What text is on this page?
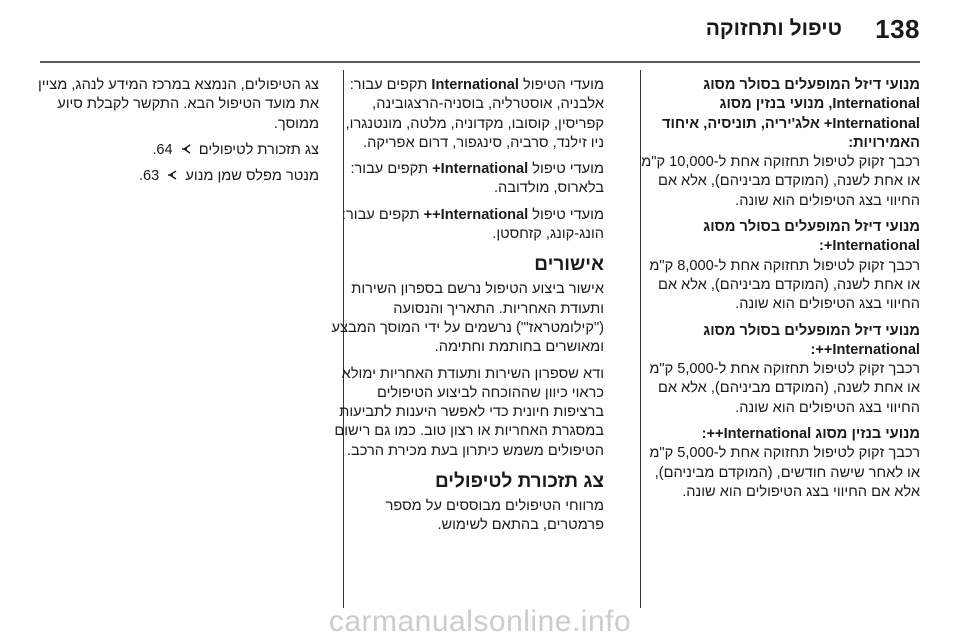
138
טיפול ותחזוקה
מנועי דיזל המופעלים בסולר מסוג International, מנועי בנזין מסוג International+ אלג'יריה, תוניסיה, איחוד האמירויות:
רכבך זקוק לטיפול תחזוקה אחת ל-10,000 ק"מ או אחת לשנה, (המוקדם מביניהם), אלא אם החיווי בצג הטיפולים הוא שונה.
מנועי דיזל המופעלים בסולר מסוג International+:
רכבך זקוק לטיפול תחזוקה אחת ל-8,000 ק"מ או אחת לשנה, (המוקדם מביניהם), אלא אם החיווי בצג הטיפולים הוא שונה.
מנועי דיזל המופעלים בסולר מסוג International++:
רכבך זקוק לטיפול תחזוקה אחת ל-5,000 ק"מ או אחת לשנה, (המוקדם מביניהם), אלא אם החיווי בצג הטיפולים הוא שונה.
מנועי בנזין מסוג International++:
רכבך זקוק לטיפול תחזוקה אחת ל-5,000 ק"מ או לאחר שישה חודשים, (המוקדם מביניהם), אלא אם החיווי בצג הטיפולים הוא שונה.
מועדי הטיפול International תקפים עבור: אלבניה, אוסטרליה, בוסניה-הרצגובינה, קפריסין, קוסובו, מקדוניה, מלטה, מונטנגרו, ניו זילנד, סרביה, סינגפור, דרום אפריקה.
מועדי טיפול International+ תקפים עבור: בלארוס, מולדובה.
מועדי טיפול International++ תקפים עבור: הונג-קונג, קזחסטן.
אישורים
אישור ביצוע הטיפול נרשם בספרון השירות ותעודת האחריות. התאריך והנסועה ("קילומטראז'") נרשמים על ידי המוסך המבצע ומאושרים בחותמת וחתימה.
ודא שספרון השירות ותעודת האחריות ימולא כראוי כיוון שההוכחה לביצוע הטיפולים ברציפות חיונית כדי לאפשר היענות לתביעות במסגרת האחריות או רצון טוב. כמו גם רישום הטיפולים משמש כיתרון בעת מכירת הרכב.
צג תזכורת לטיפולים
מרווחי הטיפולים מבוססים על מספר פרמטרים, בהתאם לשימוש.
צג הטיפולים, הנמצא במרכז המידע לנהג, מציין את מועד הטיפול הבא. התקשר לקבלת סיוע ממוסך.
צג תזכורת לטיפולים  64.
מנטר מפלס שמן מנוע  63.
carmanualsonline.info
